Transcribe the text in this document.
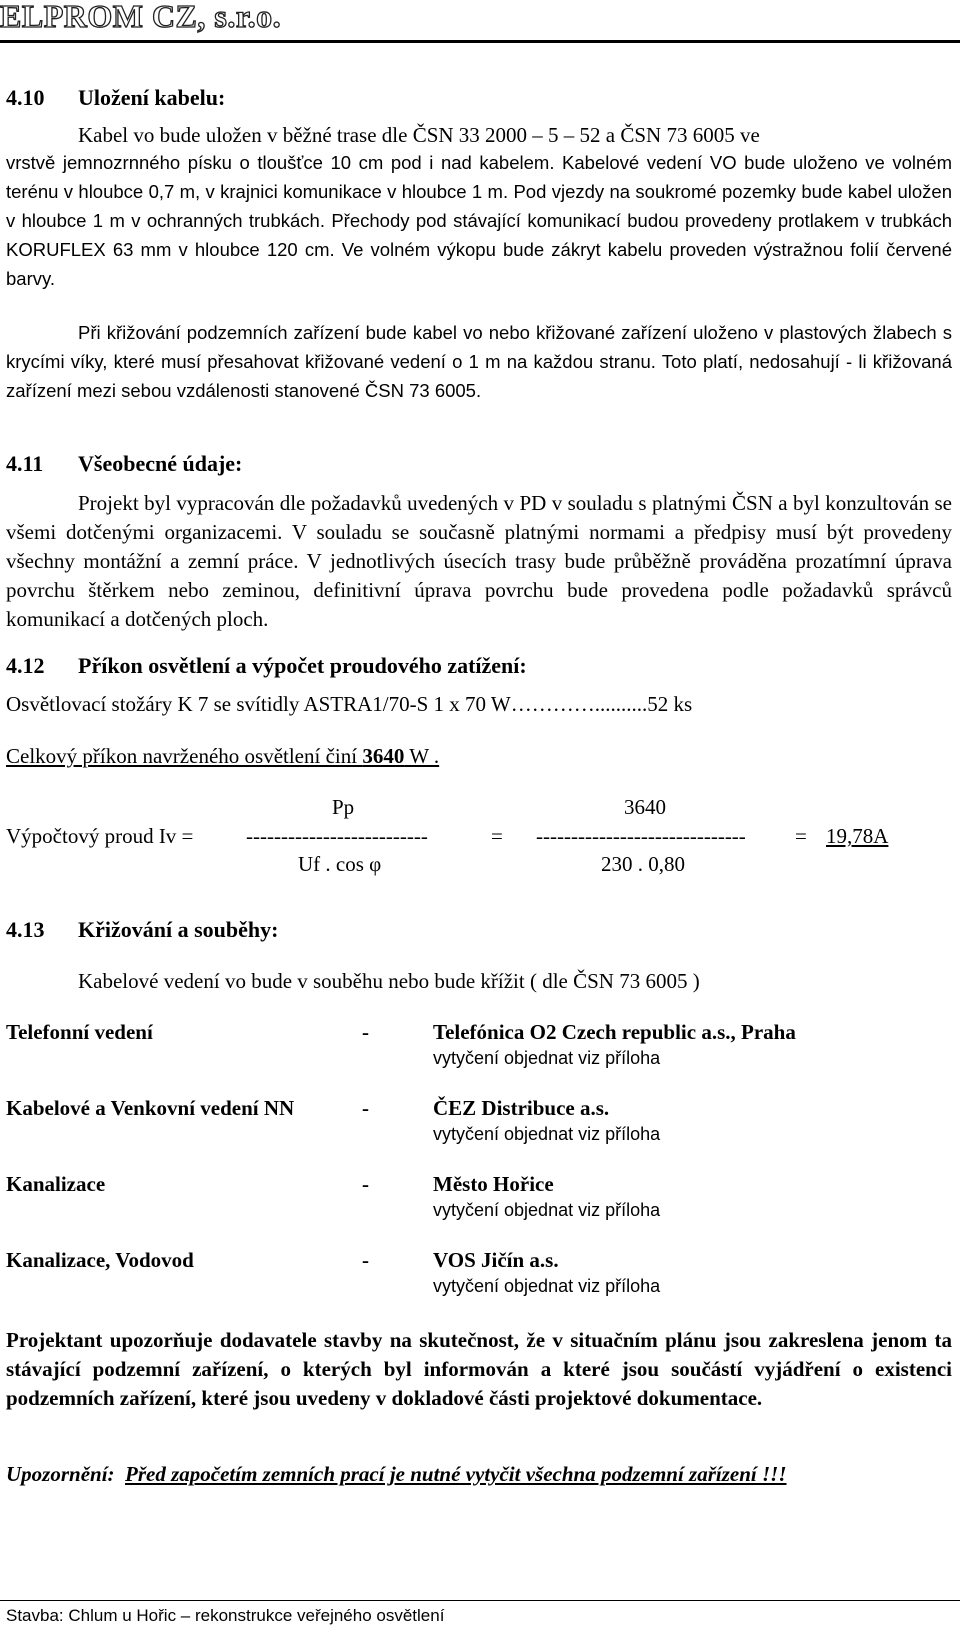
ELPROM CZ, s.r.o.
4.10 Uložení kabelu:
Kabel vo bude uložen v běžné trase dle ČSN 33 2000 – 5 – 52 a ČSN 73 6005 ve

vrstvě jemnozrnného písku o tloušťce 10 cm pod i nad kabelem. Kabelové vedení VO bude uloženo ve volném terénu v hloubce 0,7 m, v krajnici komunikace v hloubce 1 m. Pod vjezdy na soukromé pozemky bude kabel uložen v hloubce 1 m v ochranných trubkách. Přechody pod stávající komunikací budou provedeny protlakem v trubkách KORUFLEX 63 mm v hloubce 120 cm. Ve volném výkopu bude zákryt kabelu proveden výstražnou folií červené barvy.

Při křižování podzemních zařízení bude kabel vo nebo křižované zařízení uloženo v plastových žlabech s krycími víky, které musí přesahovat křižované vedení o 1 m na každou stranu. Toto platí, nedosahují - li křižovaná zařízení mezi sebou vzdálenosti stanovené ČSN 73 6005.

4.11 Všeobecné údaje:

Projekt byl vypracován dle požadavků uvedených v PD v souladu s platnými ČSN a byl konzultován se všemi dotčenými organizacemi. V souladu se současně platnými normami a předpisy musí být provedeny všechny montážní a zemní práce. V jednotlivých úsecích trasy bude průběžně prováděna prozatímní úprava povrchu štěrkem nebo zeminou, definitivní úprava povrchu bude provedena podle požadavků správců komunikací a dotčených ploch.

4.12 Příkon osvětlení a výpočet proudového zatížení:
Osvětlovací stožáry K 7 se svítidly ASTRA1/70-S 1 x 70 W…………..........52 ks
Celkový příkon navrženého osvětlení činí 3640 W .
Pp	3640
Výpočtový proud Iv =	--------------------------	= ------------------------------ = 19,78A
Uf . cos φ	230 . 0,80
4.13 Křižování a souběhy:
Kabelové vedení vo bude v souběhu nebo bude křížit ( dle ČSN 73 6005 )
Telefonní vedení	-	Telefónica O2 Czech republic a.s., Praha
vytyčení objednat viz příloha
Kabelové a Venkovní vedení NN	-	ČEZ Distribuce a.s.
vytyčení objednat viz příloha
Kanalizace	-	Město Hořice
vytyčení objednat viz příloha
Kanalizace, Vodovod	-	VOS Jičín a.s.
vytyčení objednat viz příloha

Projektant upozorňuje dodavatele stavby na skutečnost, že v situačním plánu jsou zakreslena jenom ta stávající podzemní zařízení, o kterých byl informován a které jsou součástí vyjádření o existenci podzemních zařízení, které jsou uvedeny v dokladové části projektové dokumentace.

Upozornění: Před započetím zemních prací je nutné vytyčit všechna podzemní zařízení !!!
Stavba: Chlum u Hořic – rekonstrukce veřejného osvětlení
